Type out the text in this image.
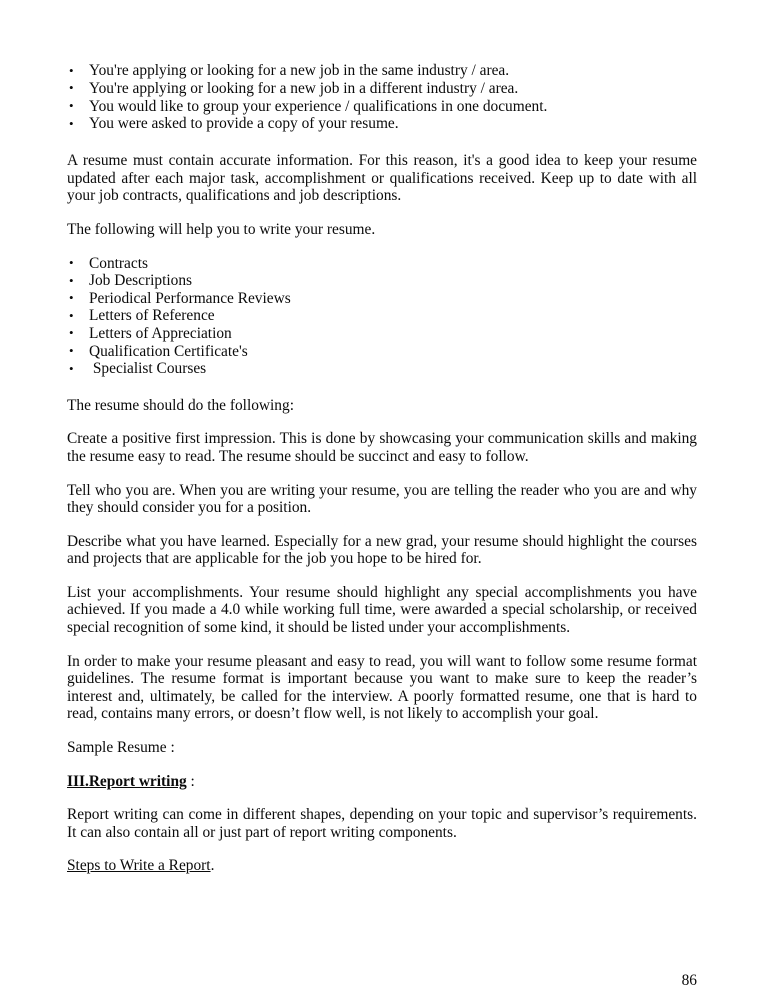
• You're applying or looking for a new job in the same industry / area.
• You're applying or looking for a new job in a different industry / area.
• You would like to group your experience / qualifications in one document.
• You were asked to provide a copy of your resume.

A resume must contain accurate information. For this reason, it's a good idea to keep your resume updated after each major task, accomplishment or qualifications received. Keep up to date with all your job contracts, qualifications and job descriptions.

The following will help you to write your resume.

• Contracts
• Job Descriptions
• Periodical Performance Reviews
• Letters of Reference
• Letters of Appreciation
• Qualification Certificate's
•  Specialist Courses

The resume should do the following:

Create a positive first impression. This is done by showcasing your communication skills and making the resume easy to read. The resume should be succinct and easy to follow.

Tell who you are. When you are writing your resume, you are telling the reader who you are and why they should consider you for a position.

Describe what you have learned. Especially for a new grad, your resume should highlight the courses and projects that are applicable for the job you hope to be hired for.

List your accomplishments. Your resume should highlight any special accomplishments you have achieved. If you made a 4.0 while working full time, were awarded a special scholarship, or received special recognition of some kind, it should be listed under your accomplishments.

In order to make your resume pleasant and easy to read, you will want to follow some resume format guidelines. The resume format is important because you want to make sure to keep the reader’s interest and, ultimately, be called for the interview. A poorly formatted resume, one that is hard to read, contains many errors, or doesn’t flow well, is not likely to accomplish your goal.

Sample Resume :

III.Report writing :

Report writing can come in different shapes, depending on your topic and supervisor’s requirements. It can also contain all or just part of report writing components.

Steps to Write a Report.

86
